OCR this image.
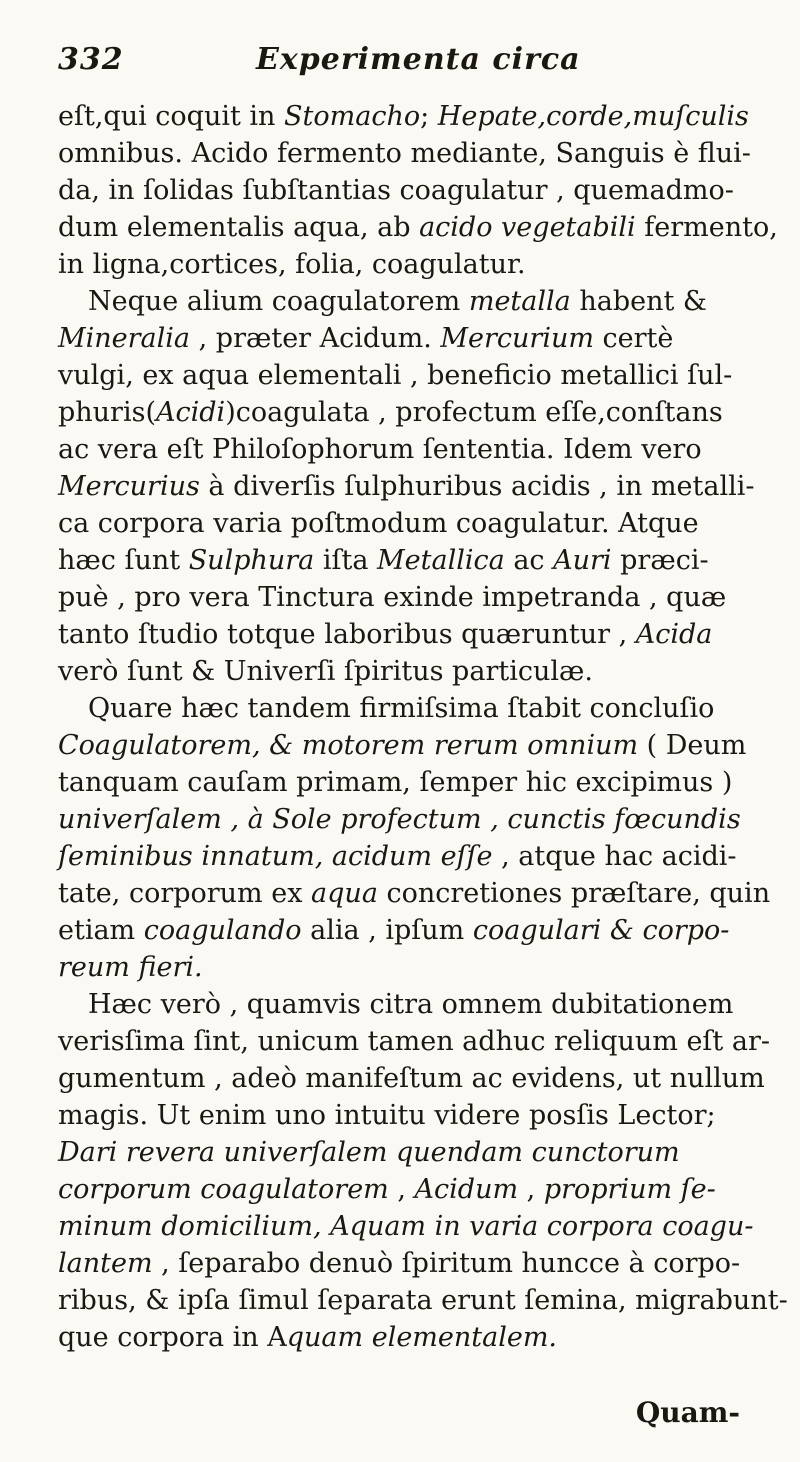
332	Experimenta circa
eſt,qui coquit in Stomacho; Hepate,corde,muſculis
omnibus. Acido fermento mediante, Sanguis è flui-
da, in ſolidas ſubſtantias coagulatur , quemadmo-
dum elementalis aqua, ab acido vegetabili fermento,
in ligna,cortices, folia, coagulatur.
Neque alium coagulatorem metalla habent &
Mineralia , præter Acidum. Mercurium certè
vulgi, ex aqua elementali , beneficio metallici ſul-
phuris(Acidi)coagulata , profectum eſſe,conſtans
ac vera eſt Philoſophorum ſententia. Idem vero
Mercurius à diverſis ſulphuribus acidis , in metalli-
ca corpora varia poſtmodum coagulatur. Atque
hæc ſunt Sulphura iſta Metallica ac Auri præci-
puè , pro vera Tinctura exinde impetranda , quæ
tanto ſtudio totque laboribus quæruntur , Acida
verò ſunt & Univerſi ſpiritus particulæ.
Quare hæc tandem firmiſsima ſtabit concluſio
Coagulatorem, & motorem rerum omnium ( Deum
tanquam cauſam primam, ſemper hic excipimus )
univerſalem , à Sole profectum , cunctis fœcundis
ſeminibus innatum, acidum eſſe , atque hac acidi-
tate, corporum ex aqua concretiones præſtare, quin
etiam coagulando alia , ipſum coagulari & corpo-
reum fieri.
Hæc verò , quamvis citra omnem dubitationem
verisſima ſint, unicum tamen adhuc reliquum eſt ar-
gumentum , adeò manifeſtum ac evidens, ut nullum
magis. Ut enim uno intuitu videre posſis Lector;
Dari revera univerſalem quendam cunctorum
corporum coagulatorem , Acidum , proprium ſe-
minum domicilium, Aquam in varia corpora coagu-
lantem , ſeparabo denuò ſpiritum huncce à corpo-
ribus, & ipſa ſimul ſeparata erunt ſemina, migrabunt-
que corpora in Aquam elementalem.
Quam-
